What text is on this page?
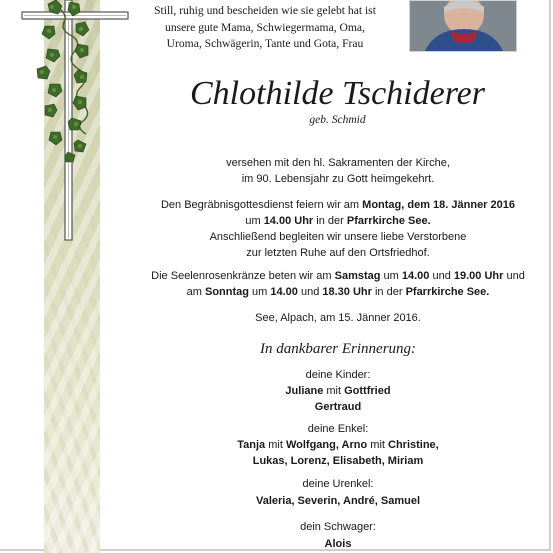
Still, ruhig und bescheiden wie sie gelebt hat ist
unsere gute Mama, Schwiegermama, Oma,
Uroma, Schwägerin, Tante und Gota, Frau
Chlothilde Tschiderer
geb. Schmid
versehen mit den hl. Sakramenten der Kirche,
im 90. Lebensjahr zu Gott heimgekehrt.
Den Begräbnisgottesdienst feiern wir am Montag, dem 18. Jänner 2016
um 14.00 Uhr in der Pfarrkirche See.
Anschließend begleiten wir unsere liebe Verstorbene
zur letzten Ruhe auf den Ortsfriedhof.
Die Seelenrosenkränze beten wir am Samstag um 14.00 und 19.00 Uhr und
am Sonntag um 14.00 und 18.30 Uhr in der Pfarrkirche See.
See, Alpach, am 15. Jänner 2016.
In dankbarer Erinnerung:
deine Kinder:
Juliane mit Gottfried
Gertraud
deine Enkel:
Tanja mit Wolfgang, Arno mit Christine,
Lukas, Lorenz, Elisabeth, Miriam
deine Urenkel:
Valeria, Severin, André, Samuel
dein Schwager:
Alois
